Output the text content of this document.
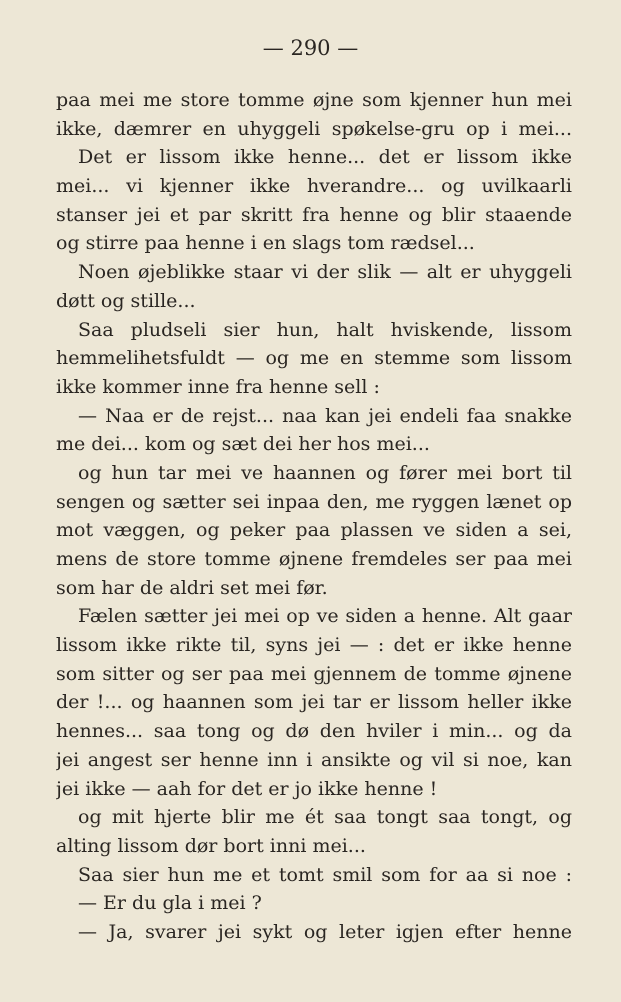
— 290 —
paa mei me store tomme øjne som kjenner hun mei
ikke, dæmrer en uhyggeli spøkelse-gru op i mei...
Det er lissom ikke henne... det er lissom ikke
mei... vi kjenner ikke hverandre... og uvilkaarli
stanser jei et par skritt fra henne og blir staaende
og stirre paa henne i en slags tom rædsel...
Noen øjeblikke staar vi der slik — alt er uhyggeli
døtt og stille...
Saa pludseli sier hun, halt hviskende, lissom
hemmelihetsfuldt — og me en stemme som lissom
ikke kommer inne fra henne sell :
— Naa er de rejst... naa kan jei endeli faa snakke
me dei... kom og sæt dei her hos mei...
og hun tar mei ve haannen og fører mei bort til
sengen og sætter sei inpaa den, me ryggen lænet op
mot væggen, og peker paa plassen ve siden a sei,
mens de store tomme øjnene fremdeles ser paa mei
som har de aldri set mei før.
Fælen sætter jei mei op ve siden a henne. Alt gaar
lissom ikke rikte til, syns jei — : det er ikke henne
som sitter og ser paa mei gjennem de tomme øjnene
der !... og haannen som jei tar er lissom heller ikke
hennes... saa tong og dø den hviler i min... og da
jei angest ser henne inn i ansikte og vil si noe, kan
jei ikke — aah for det er jo ikke henne !
og mit hjerte blir me ét saa tongt saa tongt, og
alting lissom dør bort inni mei...
Saa sier hun me et tomt smil som for aa si noe :
— Er du gla i mei ?
— Ja, svarer jei sykt og leter igjen efter henne
